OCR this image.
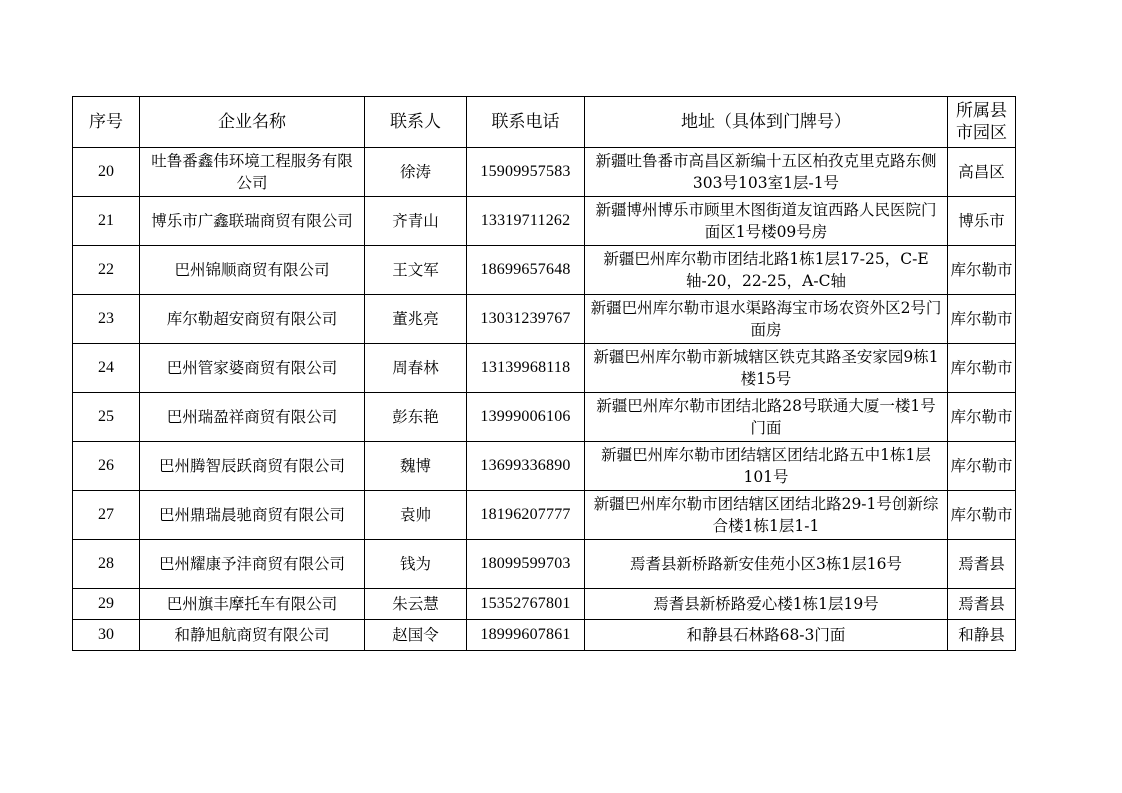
序号	企业名称	联系人	联系电话	地址（具体到门牌号）	所属县市园区
20	吐鲁番鑫伟环境工程服务有限公司	徐涛	15909957583	新疆吐鲁番市高昌区新编十五区柏孜克里克路东侧303号103室1层-1号	高昌区
21	博乐市广鑫联瑞商贸有限公司	齐青山	13319711262	新疆博州博乐市顾里木图街道友谊西路人民医院门面区1号楼09号房	博乐市
22	巴州锦顺商贸有限公司	王文军	18699657648	新疆巴州库尔勒市团结北路1栋1层17-25，C-E轴-20，22-25，A-C轴	库尔勒市
23	库尔勒超安商贸有限公司	董兆亮	13031239767	新疆巴州库尔勒市退水渠路海宝市场农资外区2号门面房	库尔勒市
24	巴州管家婆商贸有限公司	周春林	13139968118	新疆巴州库尔勒市新城辖区铁克其路圣安家园9栋1楼15号	库尔勒市
25	巴州瑞盈祥商贸有限公司	彭东艳	13999006106	新疆巴州库尔勒市团结北路28号联通大厦一楼1号门面	库尔勒市
26	巴州腾智辰跃商贸有限公司	魏博	13699336890	新疆巴州库尔勒市团结辖区团结北路五中1栋1层101号	库尔勒市
27	巴州鼎瑞晨驰商贸有限公司	袁帅	18196207777	新疆巴州库尔勒市团结辖区团结北路29-1号创新综合楼1栋1层1-1	库尔勒市
28	巴州耀康予沣商贸有限公司	钱为	18099599703	焉耆县新桥路新安佳苑小区3栋1层16号	焉耆县
29	巴州旗丰摩托车有限公司	朱云慧	15352767801	焉耆县新桥路爱心楼1栋1层19号	焉耆县
30	和静旭航商贸有限公司	赵国令	18999607861	和静县石林路68-3门面	和静县
